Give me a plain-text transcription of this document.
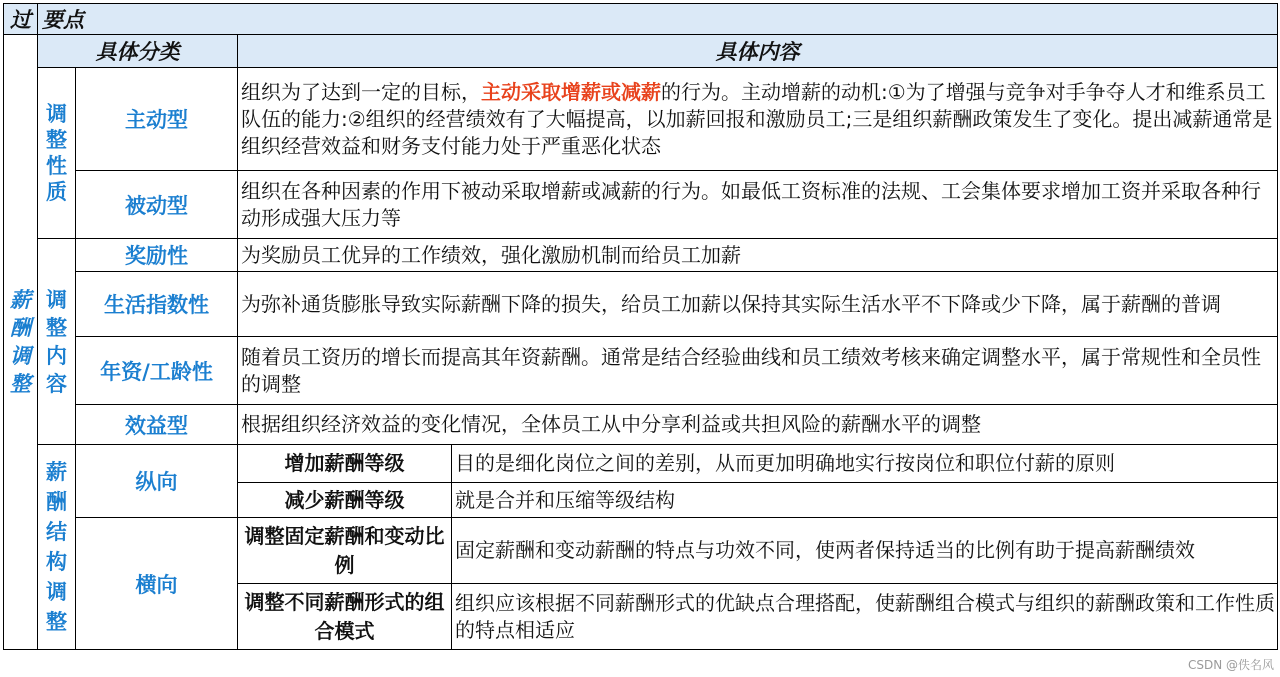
过	要点			

薪酬调整	具体分类		具体内容	

	调整性质	主动型	组织为了达到一定的目标，主动采取增薪或减薪的行为。主动增薪的动机:①为了增强与竞争对手争夺人才和维系员工队伍的能力:②组织的经营绩效有了大幅提高，以加薪回报和激励员工;三是组织薪酬政策发生了变化。提出减薪通常是组织经营效益和财务支付能力处于严重恶化状态	
		被动型	组织在各种因素的作用下被动采取增薪或减薪的行为。如最低工资标准的法规、工会集体要求增加工资并采取各种行动形成强大压力等	

	调整内容	奖励性	为奖励员工优异的工作绩效，强化激励机制而给员工加薪	
		生活指数性	为弥补通货膨胀导致实际薪酬下降的损失，给员工加薪以保持其实际生活水平不下降或少下降，属于薪酬的普调	
		年资/工龄性	随着员工资历的增长而提高其年资薪酬。通常是结合经验曲线和员工绩效考核来确定调整水平，属于常规性和全员性的调整	
		效益型	根据组织经济效益的变化情况，全体员工从中分享利益或共担风险的薪酬水平的调整	

	薪酬结构调整	纵向	增加薪酬等级	目的是细化岗位之间的差别，从而更加明确地实行按岗位和职位付薪的原则
			减少薪酬等级	就是合并和压缩等级结构
		横向	调整固定薪酬和变动比例	固定薪酬和变动薪酬的特点与功效不同，使两者保持适当的比例有助于提高薪酬绩效
			调整不同薪酬形式的组合模式	组织应该根据不同薪酬形式的优缺点合理搭配，使薪酬组合模式与组织的薪酬政策和工作性质的特点相适应
CSDN @佚名风
